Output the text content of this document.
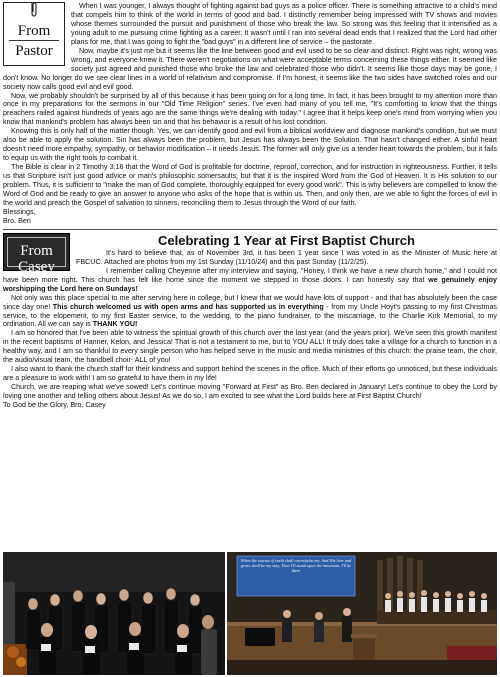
From
Pastor

When I was younger, I always thought of fighting against bad guys as a police officer. There is something attractive to a child's mind that compels him to think of the world in terms of good and bad. I distinctly remember being impressed with TV shows and movies whose themes surrounded the pursuit and punishment of those who break the law. So strong was this feeling that it intensified as a young adult to me pursuing crime fighting as a career. It wasn't until I ran into several dead ends that I realized that the Lord had other plans for me, that I was going to fight the "bad guys" in a different line of service – the pastorate.

Now, maybe it's just me but it seems like the line between good and evil used to be so clear and distinct. Right was right, wrong was wrong, and everyone knew it. There weren't negotiations on what were acceptable terms concerning these things either. It seemed like society just agreed and punished those who broke the law and celebrated those who didn't. It seems like those days may be gone, I don't know. No longer do we see clear lines in a world of relativism and compromise. If I'm honest, it seems like the two sides have switched roles and our society now calls good evil and evil good.

Now, we probably shouldn't be surprised by all of this because it has been going on for a long time. In fact, it has been brought to my attention more than once in my preparations for the sermons in our "Old Time Religion" series. I've even had many of you tell me, "It's comforting to know that the things preachers railed against hundreds of years ago are the same things we're dealing with today." I agree that it helps keep one's mind from worrying when you know that mankind's problem has always been sin and that his behavior is a result of his lost condition.

Knowing this is only half of the matter though. Yes, we can identify good and evil from a biblical worldview and diagnose mankind's condition, but we must also be able to apply the solution. Sin has always been the problem, but Jesus has always been the Solution. That hasn't changed either. A sinful heart doesn't need more empathy, sympathy, or behavior modification – it needs Jesus. The former will only give us a tender heart towards the problem, but it fails to equip us with the right tools to combat it.

The Bible is clear in 2 Timothy 3:16 that the Word of God is profitable for doctrine, reproof, correction, and for instruction in righteousness. Further, it tells us that Scripture isn't just good advice or man's philosophic somersaults, but that it is the inspired Word from the God of Heaven. It is His solution to our problem. Thus, it is sufficient to "make the man of God complete, thoroughly equipped for every good work". This is why believers are compelled to know the Word of God and be ready to give an answer to anyone who asks of the hope that is within us. Then, and only then, are we able to fight the forces of evil in the world and preach the Gospel of salvation to sinners, reconciling them to Jesus through the Word of our faith.

Blessings,

Bro. Ben

From Casey
Celebrating 1 Year at First Baptist Church

It's hard to believe that, as of November 3rd, it has been 1 year since I was voted in as the Minister of Music here at FBCUC. Attached are photos from my 1st Sunday (11/10/24) and this past Sunday (11/2/25).

I remember calling Cheyenne after my interview and saying, "Honey, I think we have a new church home," and I could not have been more right. This church has felt like home since the moment we stepped in those doors. I can honestly say that we genuinely enjoy worshipping the Lord here on Sundays!

Not only was this place special to me after serving here in college, but I knew that we would have lots of support - and that has absolutely been the case since day one! This church welcomed us with open arms and has supported us in everything - from my Uncle Hoyt's passing to my first Christmas service, to the elopement, to my first Easter service, to the wedding, to the piano fundraiser, to the miscarriage, to the Charlie Kirk Memorial, to my ordination. All we can say is THANK YOU!

I am so honored that I've been able to witness the spiritual growth of this church over the last year (and the years prior). We've seen this growth manifest in the recent baptisms of Hanner, Kelon, and Jessica! That is not a testament to me, but to YOU ALL! It truly does take a village for a church to function in a healthy way, and I am so thankful to every single person who has helped serve in the music and media ministries of this church: the praise team, the choir, the audio/visual team, the handbell choir- ALL of you!

I also want to thank the church staff for their kindness and support behind the scenes in the office. Much of their efforts go unnoticed, but these individuals are a pleasure to work with! I am so grateful to have them in my life!

Church, we are reaping what we've sowed! Let's continue moving "Forward at First" as Bro. Ben declared in January! Let's continue to obey the Lord by loving one another and telling others about Jesus! As we do so, I am excited to see what the Lord builds here at First Baptist Church!

To God be the Glory, Bro. Casey

When the storms of earth shall overwhelm me, And His love and grace shall be my stay, Then I'll stand upon the mountain, I'll be there
